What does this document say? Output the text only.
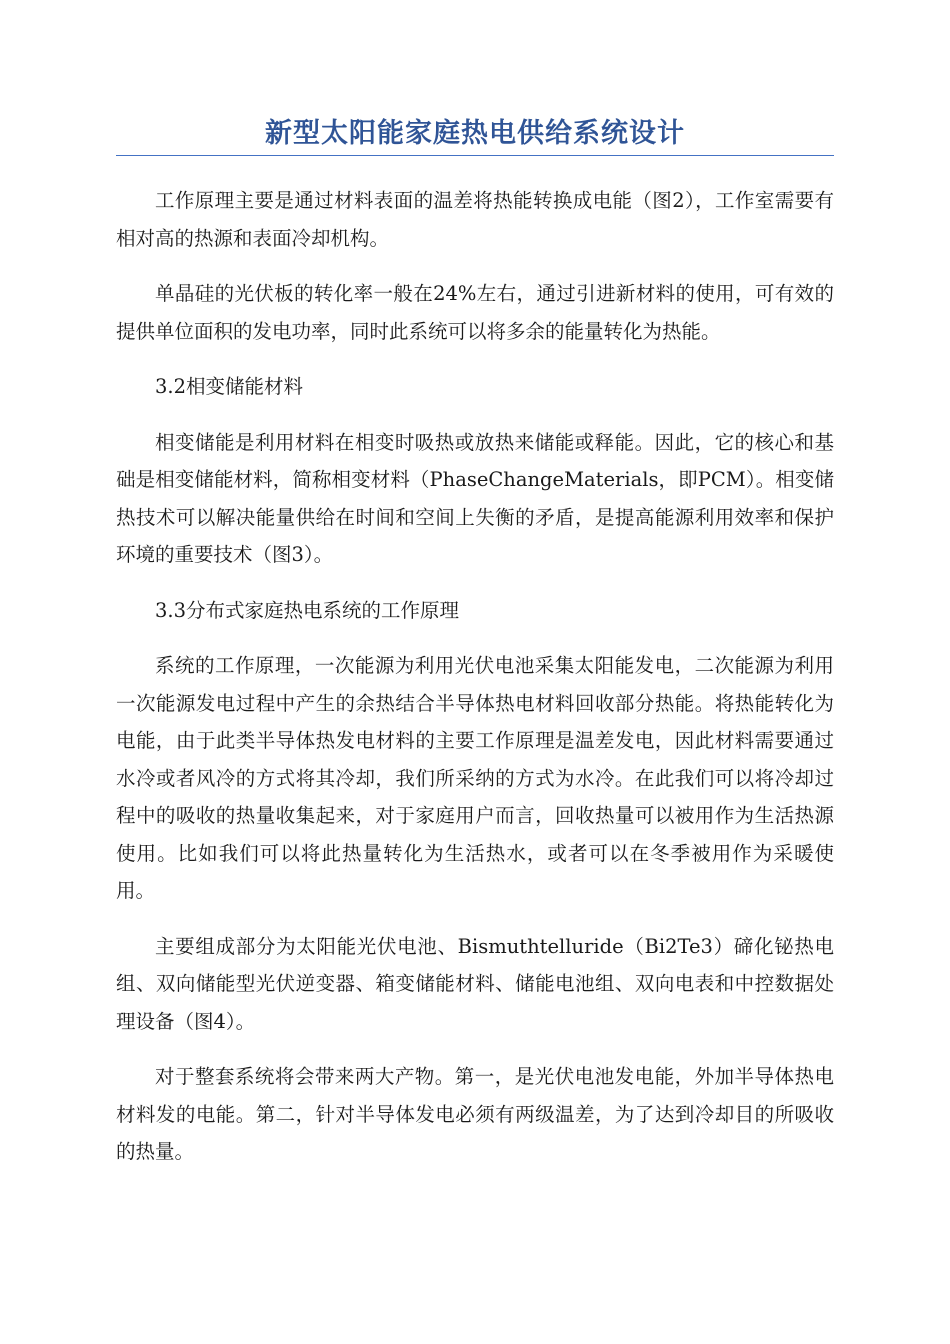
新型太阳能家庭热电供给系统设计

工作原理主要是通过材料表面的温差将热能转换成电能（图2），工作室需要有相对高的热源和表面冷却机构。

单晶硅的光伏板的转化率一般在24%左右，通过引进新材料的使用，可有效的提供单位面积的发电功率，同时此系统可以将多余的能量转化为热能。

3.2相变储能材料

相变储能是利用材料在相变时吸热或放热来储能或释能。因此，它的核心和基础是相变储能材料，简称相变材料（PhaseChangeMaterials，即PCM）。相变储热技术可以解决能量供给在时间和空间上失衡的矛盾，是提高能源利用效率和保护环境的重要技术（图3）。

3.3分布式家庭热电系统的工作原理

系统的工作原理，一次能源为利用光伏电池采集太阳能发电，二次能源为利用一次能源发电过程中产生的余热结合半导体热电材料回收部分热能。将热能转化为电能，由于此类半导体热发电材料的主要工作原理是温差发电，因此材料需要通过水冷或者风冷的方式将其冷却，我们所采纳的方式为水冷。在此我们可以将冷却过程中的吸收的热量收集起来，对于家庭用户而言，回收热量可以被用作为生活热源使用。比如我们可以将此热量转化为生活热水，或者可以在冬季被用作为采暖使用。

主要组成部分为太阳能光伏电池、Bismuthtelluride（Bi2Te3）碲化铋热电组、双向储能型光伏逆变器、箱变储能材料、储能电池组、双向电表和中控数据处理设备（图4）。

对于整套系统将会带来两大产物。第一，是光伏电池发电能，外加半导体热电材料发的电能。第二，针对半导体发电必须有两级温差，为了达到冷却目的所吸收的热量。
